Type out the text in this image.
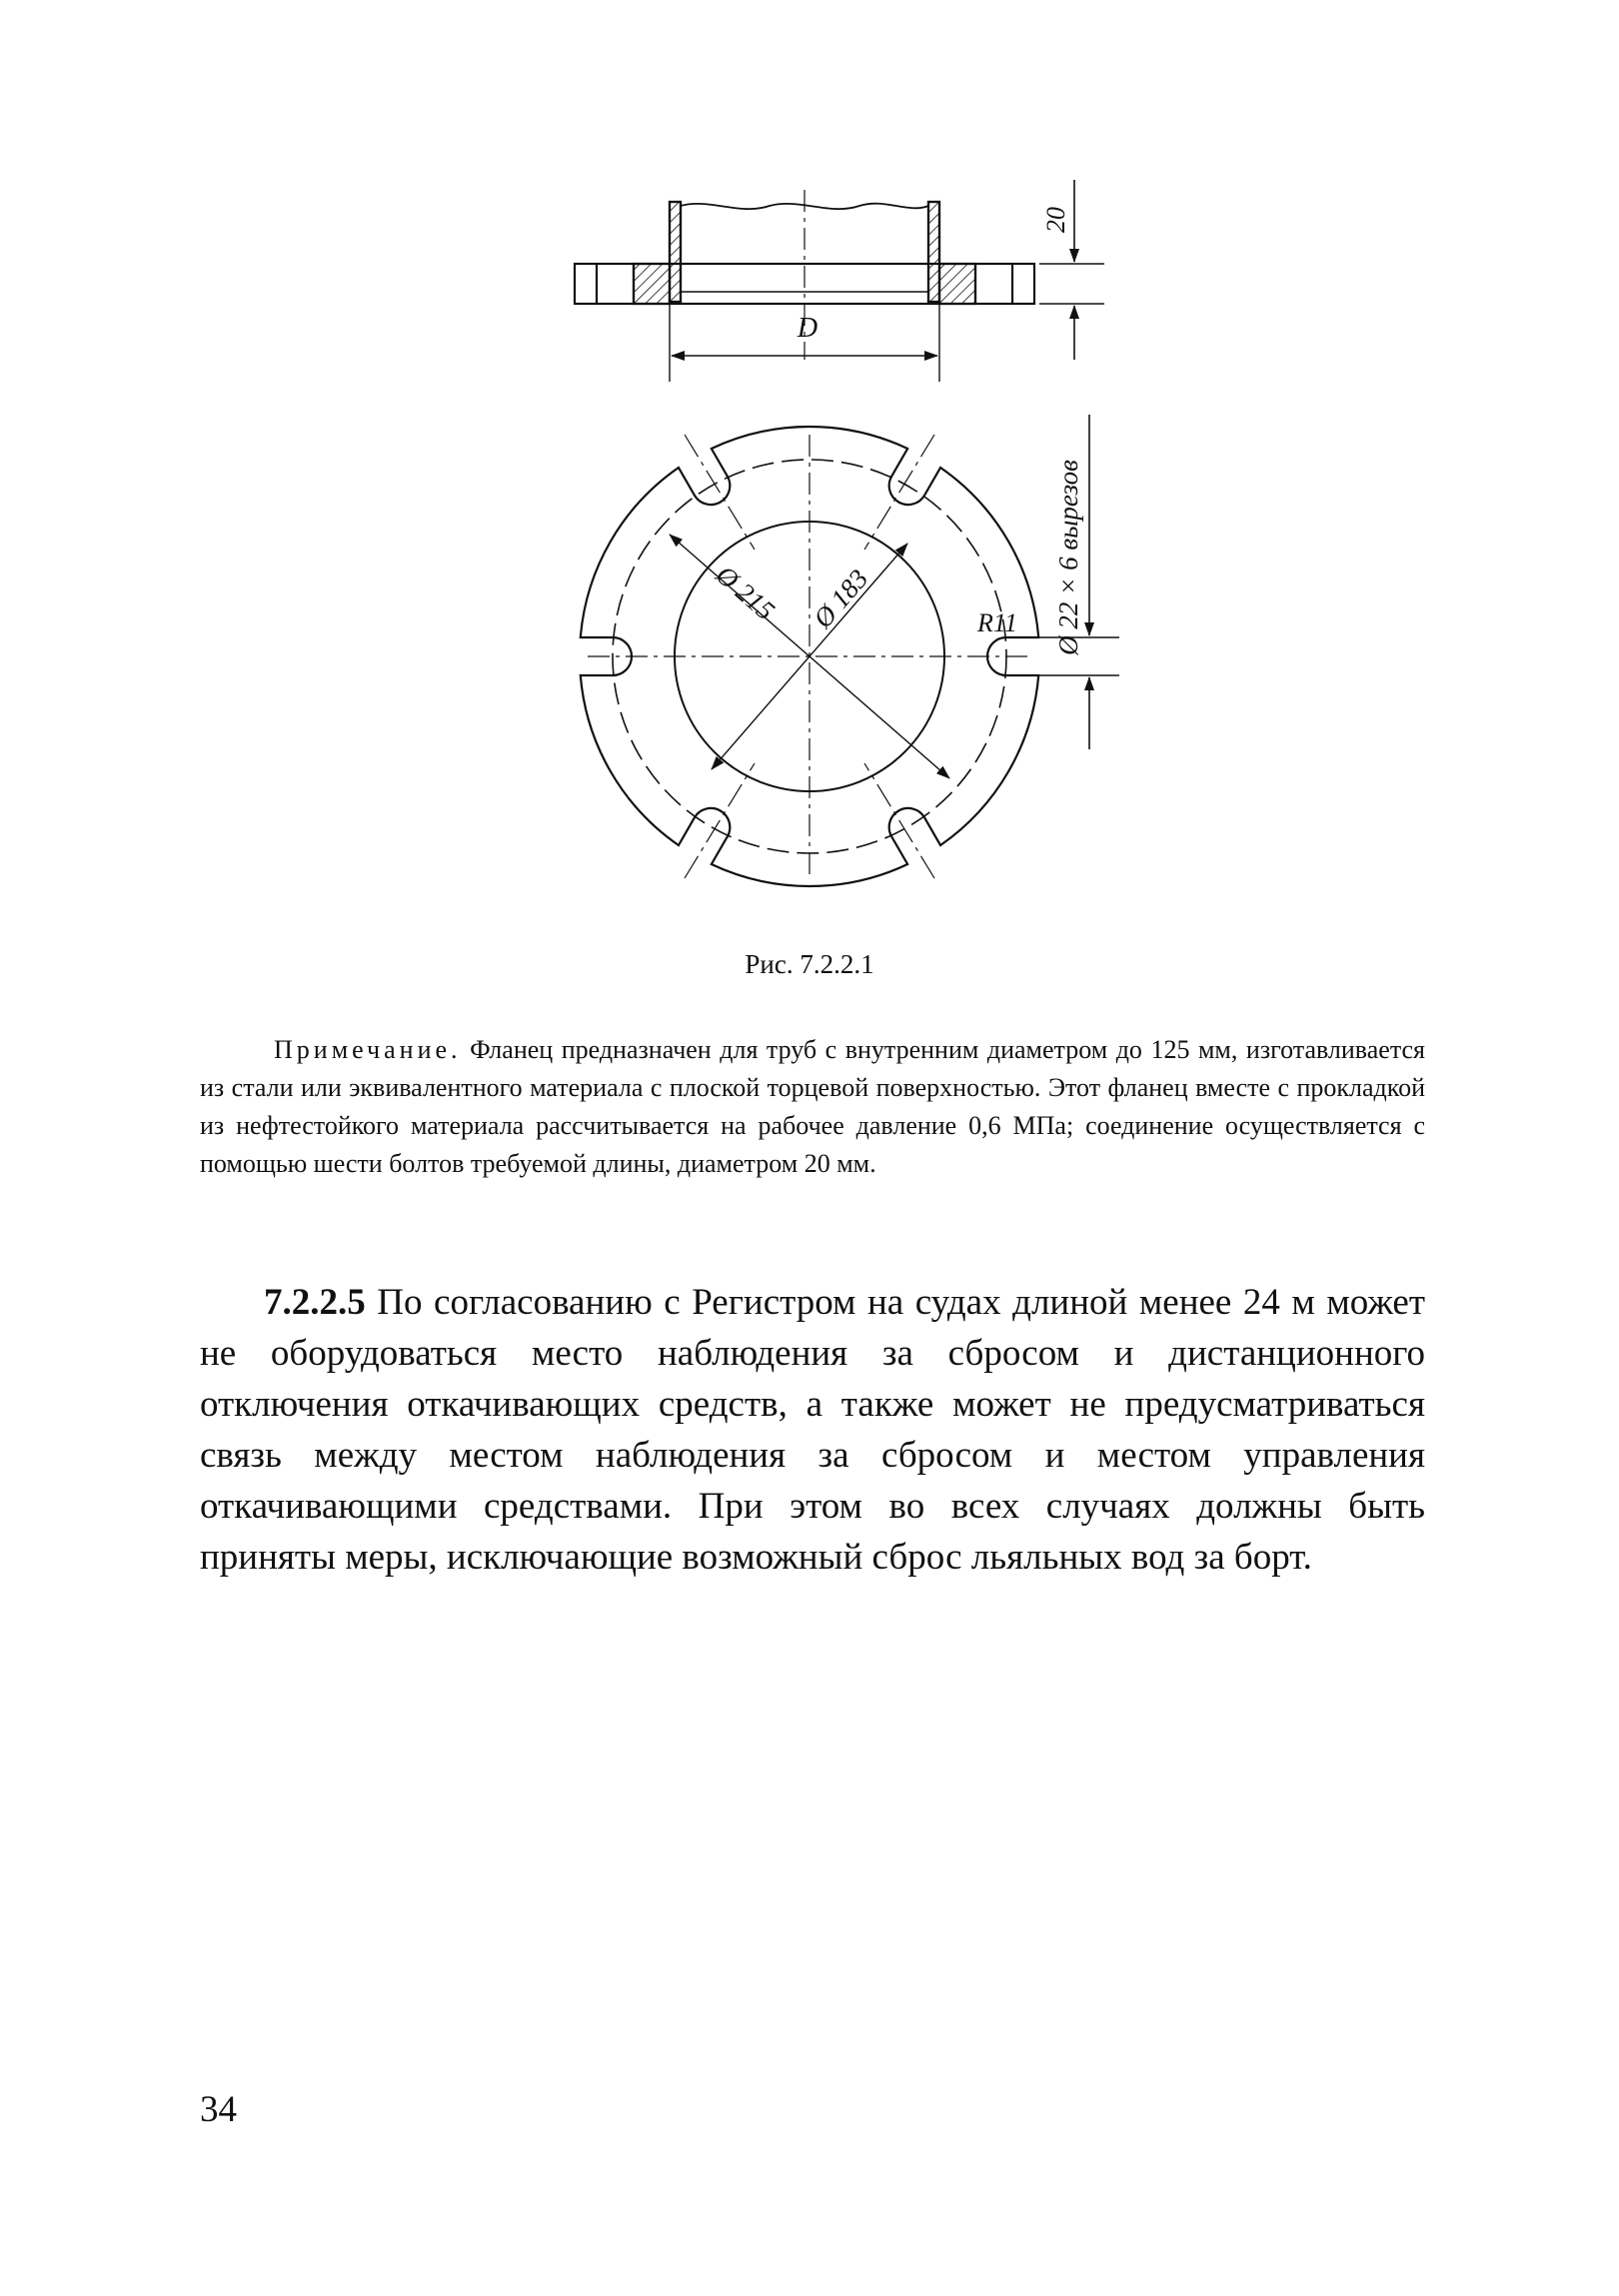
D
20
Ø 215 Ø 183	R11 Ø 22 × 6 вырезов
Рис. 7.2.2.1

Примечание. Фланец предназначен для труб с внутренним диаметром до 125 мм, изготавливается из стали или эквивалентного материала с плоской торцевой поверхностью. Этот фланец вместе с прокладкой из нефтестойкого материала рассчитывается на рабочее давление 0,6 МПа; соединение осуществляется с помощью шести болтов требуемой длины, диаметром 20 мм.

7.2.2.5 По согласованию с Регистром на судах длиной менее 24 м может не оборудоваться место наблюдения за сбросом и дистанционного отключения откачивающих средств, а также может не предусматриваться связь между местом наблюдения за сбросом и местом управления откачивающими средствами. При этом во всех случаях должны быть приняты меры, исключающие возможный сброс льяльных вод за борт.

34
